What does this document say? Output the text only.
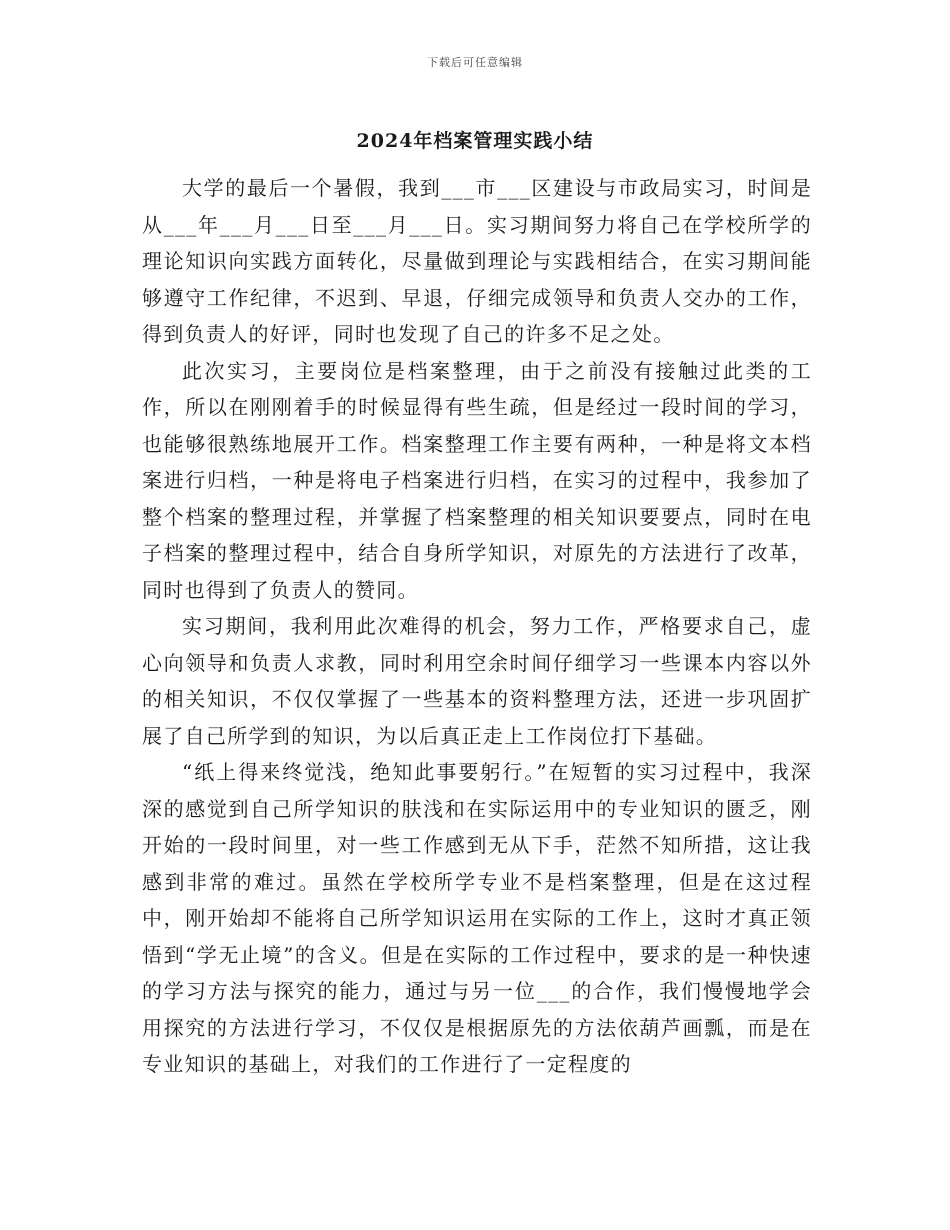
下载后可任意编辑
2024年档案管理实践小结

大学的最后一个暑假，我到___市___区建设与市政局实习，时间是从___年___月___日至___月___日。实习期间努力将自己在学校所学的理论知识向实践方面转化，尽量做到理论与实践相结合，在实习期间能够遵守工作纪律，不迟到、早退，仔细完成领导和负责人交办的工作，得到负责人的好评，同时也发现了自己的许多不足之处。

此次实习，主要岗位是档案整理，由于之前没有接触过此类的工作，所以在刚刚着手的时候显得有些生疏，但是经过一段时间的学习，也能够很熟练地展开工作。档案整理工作主要有两种，一种是将文本档案进行归档，一种是将电子档案进行归档，在实习的过程中，我参加了整个档案的整理过程，并掌握了档案整理的相关知识要要点，同时在电子档案的整理过程中，结合自身所学知识，对原先的方法进行了改革，同时也得到了负责人的赞同。

实习期间，我利用此次难得的机会，努力工作，严格要求自己，虚心向领导和负责人求教，同时利用空余时间仔细学习一些课本内容以外的相关知识，不仅仅掌握了一些基本的资料整理方法，还进一步巩固扩展了自己所学到的知识，为以后真正走上工作岗位打下基础。

“纸上得来终觉浅，绝知此事要躬行。”在短暂的实习过程中，我深深的感觉到自己所学知识的肤浅和在实际运用中的专业知识的匮乏，刚开始的一段时间里，对一些工作感到无从下手，茫然不知所措，这让我感到非常的难过。虽然在学校所学专业不是档案整理，但是在这过程中，刚开始却不能将自己所学知识运用在实际的工作上，这时才真正领悟到“学无止境”的含义。但是在实际的工作过程中，要求的是一种快速的学习方法与探究的能力，通过与另一位___的合作，我们慢慢地学会用探究的方法进行学习，不仅仅是根据原先的方法依葫芦画瓢，而是在专业知识的基础上，对我们的工作进行了一定程度的
